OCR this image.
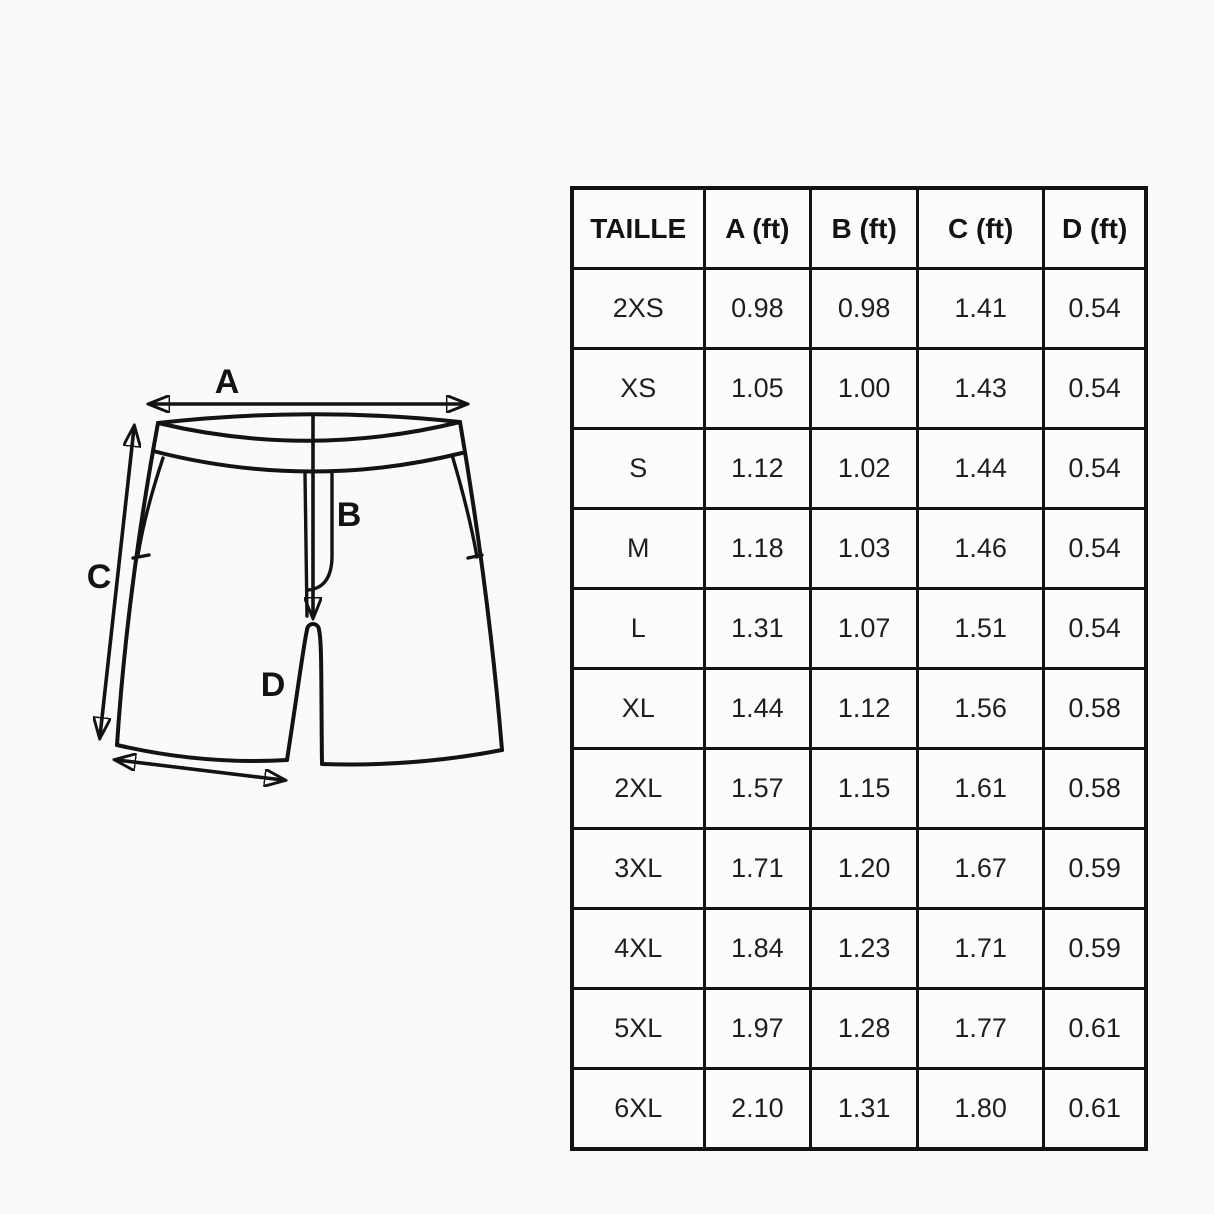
A
B
C
D
TAILLE	A (ft)	B (ft)	C (ft)	D (ft)
2XS	0.98	0.98	1.41	0.54
XS	1.05	1.00	1.43	0.54
S	1.12	1.02	1.44	0.54
M	1.18	1.03	1.46	0.54
L	1.31	1.07	1.51	0.54
XL	1.44	1.12	1.56	0.58
2XL	1.57	1.15	1.61	0.58
3XL	1.71	1.20	1.67	0.59
4XL	1.84	1.23	1.71	0.59
5XL	1.97	1.28	1.77	0.61
6XL	2.10	1.31	1.80	0.61
